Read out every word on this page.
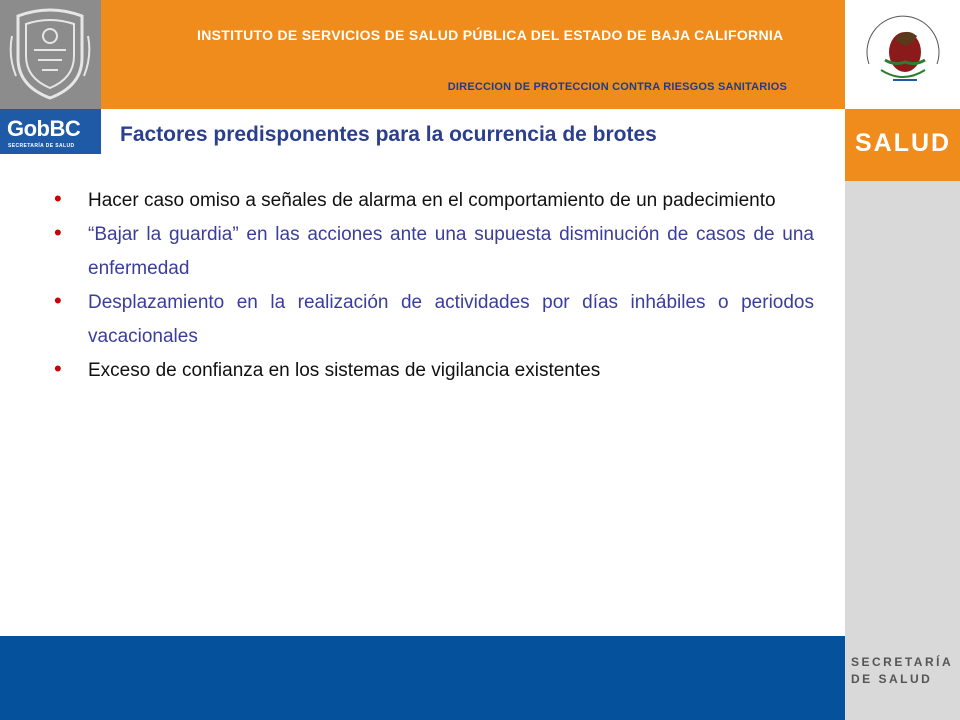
INSTITUTO DE SERVICIOS DE SALUD PÚBLICA DEL ESTADO DE BAJA CALIFORNIA
DIRECCION DE PROTECCION CONTRA RIESGOS SANITARIOS
GobBC
SECRETARÍA DE SALUD Factores predisponentes para la ocurrencia de brotes
• Hacer caso omiso a señales de alarma en el comportamiento de un padecimiento
• “Bajar la guardia” en las acciones ante una supuesta disminución de casos de una enfermedad
• Desplazamiento en la realización de actividades por días inhábiles o periodos vacacionales
• Exceso de confianza en los sistemas de vigilancia existentes
SALUD
SECRETARÍA
DE SALUD
